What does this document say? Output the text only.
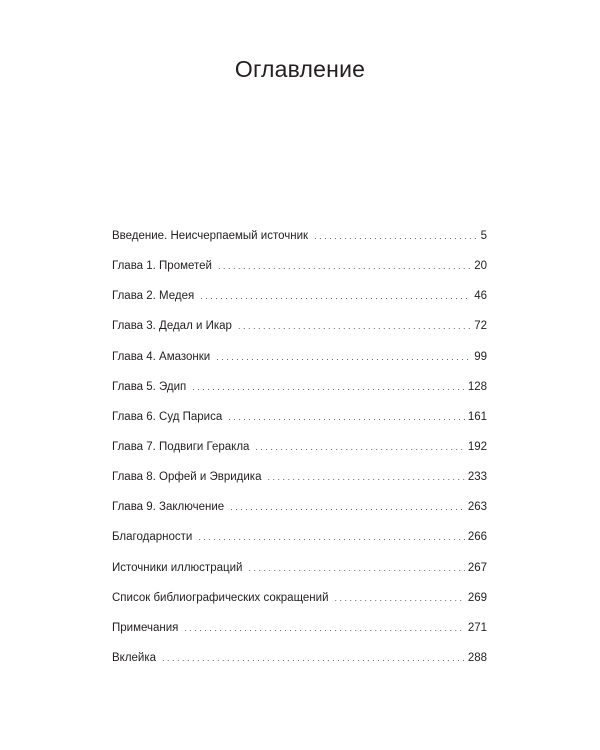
Оглавление
Введение. Неисчерпаемый источник . . .	5
Глава 1. Прометей . . .	20
Глава 2. Медея . . .	46
Глава 3. Дедал и Икар . . .	72
Глава 4. Амазонки . . .	99
Глава 5. Эдип . . .	128
Глава 6. Суд Париса . . .	161
Глава 7. Подвиги Геракла . . .	192
Глава 8. Орфей и Эвридика . . .	233
Глава 9. Заключение . . .	263
Благодарности . . .	266
Источники иллюстраций . . .	267
Список библиографических сокращений . . .	269
Примечания . . .	271
Вклейка . . .	288
